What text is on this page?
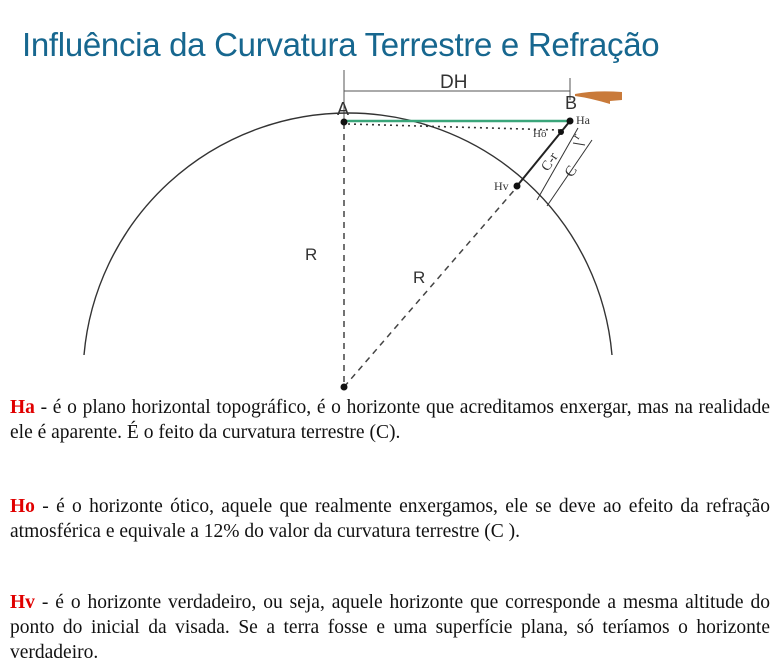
Influência da Curvatura Terrestre e Refração
DH
A	B
Ha
Hô
Hv
r
C-r C
R
R

Ha - é o plano horizontal topográfico, é o horizonte que acreditamos enxergar, mas na realidade ele é aparente. É o feito da curvatura terrestre (C).

Ho - é o horizonte ótico, aquele que realmente enxergamos, ele se deve ao efeito da refração atmosférica e equivale a 12% do valor da curvatura terrestre (C ).

Hv - é o horizonte verdadeiro, ou seja, aquele horizonte que corresponde a mesma altitude do ponto do inicial da visada. Se a terra fosse e uma superfície plana, só teríamos o horizonte verdadeiro.
